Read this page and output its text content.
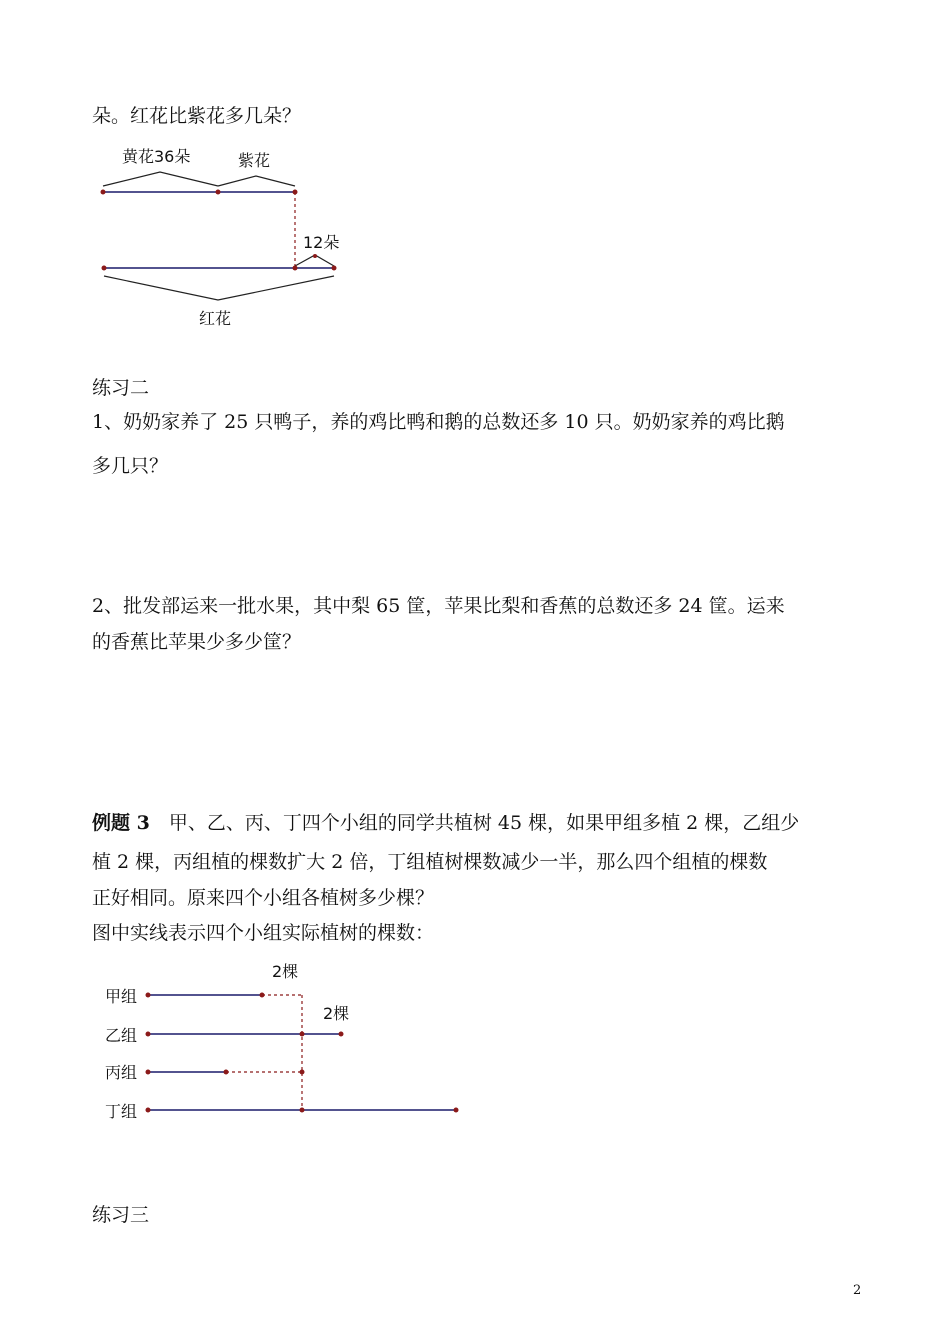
朵。红花比紫花多几朵？
黄花36朵	紫花
12朵
红花
练习二
1、奶奶家养了 25 只鸭子，养的鸡比鸭和鹅的总数还多 10 只。奶奶家养的鸡比鹅
多几只？
2、批发部运来一批水果，其中梨 65 筐，苹果比梨和香蕉的总数还多 24 筐。运来
的香蕉比苹果少多少筐？
例题 3  甲、乙、丙、丁四个小组的同学共植树 45 棵，如果甲组多植 2 棵，乙组少
植 2 棵，丙组植的棵数扩大 2 倍，丁组植树棵数减少一半，那么四个组植的棵数
正好相同。原来四个小组各植树多少棵？
图中实线表示四个小组实际植树的棵数：
甲组
乙组
丙组
丁组
2棵
2棵
练习三
2
